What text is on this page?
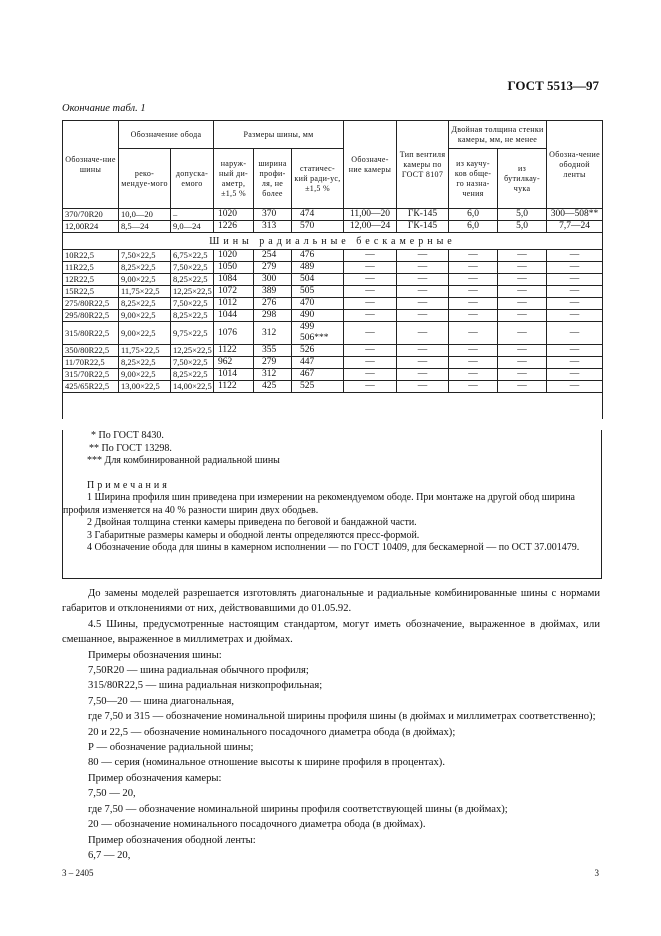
ГОСТ 5513—97
Окончание табл. 1
Обозначе-ние шины	Обозначение обода		Размеры шины, мм			Обозначе-ние камеры	Тип вентиля камеры по ГОСТ 8107	Двойная толщина стенки камеры, мм, не менее		Обозна-чение ободной ленты
	реко-мендуе-мого	допуска-емого	наруж-ный ди-аметр, ±1,5 %	ширина профи-ля, не более	статичес-кий ради-ус, ±1,5 %			из каучу-ков обще-го назна-чения	из бутилкау-чука	
370/70R20	10,0—20	–	1020	370	474	11,00—20	ГК-145	6,0	5,0	300—508**
12,00R24	8,5—24	9,0—24	1226	313	570	12,00—24	ГК-145	6,0	5,0	7,7—24
Шины радиальные бескамерные										
10R22,5	7,50×22,5	6,75×22,5	1020	254	476	—	—	—	—	—
11R22,5	8,25×22,5	7,50×22,5	1050	279	489	—	—	—	—	—
12R22,5	9,00×22,5	8,25×22,5	1084	300	504	—	—	—	—	—
15R22,5	11,75×22,5	12,25×22,5	1072	389	505	—	—	—	—	—
275/80R22,5	8,25×22,5	7,50×22,5	1012	276	470	—	—	—	—	—
295/80R22,5	9,00×22,5	8,25×22,5	1044	298	490	—	—	—	—	—
315/80R22,5	9,00×22,5	9,75×22,5	1076	312	499 506***	—	—	—	—	—
350/80R22,5	11,75×22,5	12,25×22,5	1122	355	526	—	—	—	—	—
11/70R22,5	8,25×22,5	7,50×22,5	962	279	447	—	—	—	—	—
315/70R22,5	9,00×22,5	8,25×22,5	1014	312	467	—	—	—	—	—
425/65R22,5	13,00×22,5	14,00×22,5	1122	425	525	—	—	—	—	—

* По ГОСТ 8430.

** По ГОСТ 13298.

*** Для комбинированной радиальной шины

Примечания

1 Ширина профиля шин приведена при измерении на рекомендуемом ободе. При монтаже на другой обод ширина профиля изменяется на 40 % разности ширин двух ободьев.

2 Двойная толщина стенки камеры приведена по беговой и бандажной части.

3 Габаритные размеры камеры и ободной ленты определяются пресс-формой.

4 Обозначение обода для шины в камерном исполнении — по ГОСТ 10409, для бескамерной — по ОСТ 37.001479.

До замены моделей разрешается изготовлять диагональные и радиальные комбинированные шины с нормами габаритов и отклонениями от них, действовавшими до 01.05.92.

4.5 Шины, предусмотренные настоящим стандартом, могут иметь обозначение, выраженное в дюймах, или смешанное, выраженное в миллиметрах и дюймах.

Примеры обозначения шины:

7,50R20 — шина радиальная обычного профиля;

315/80R22,5 — шина радиальная низкопрофильная;

7,50—20 — шина диагональная,

где 7,50 и 315 — обозначение номинальной ширины профиля шины (в дюймах и миллиметрах соответственно);

20 и 22,5 — обозначение номинального посадочного диаметра обода (в дюймах);

Р — обозначение радиальной шины;

80 — серия (номинальное отношение высоты к ширине профиля в процентах).

Пример обозначения камеры:

7,50 — 20,

где 7,50 — обозначение номинальной ширины профиля соответствующей шины (в дюймах);

20 — обозначение номинального посадочного диаметра обода (в дюймах).

Пример обозначения ободной ленты:

6,7 — 20,

3 – 2405	3
